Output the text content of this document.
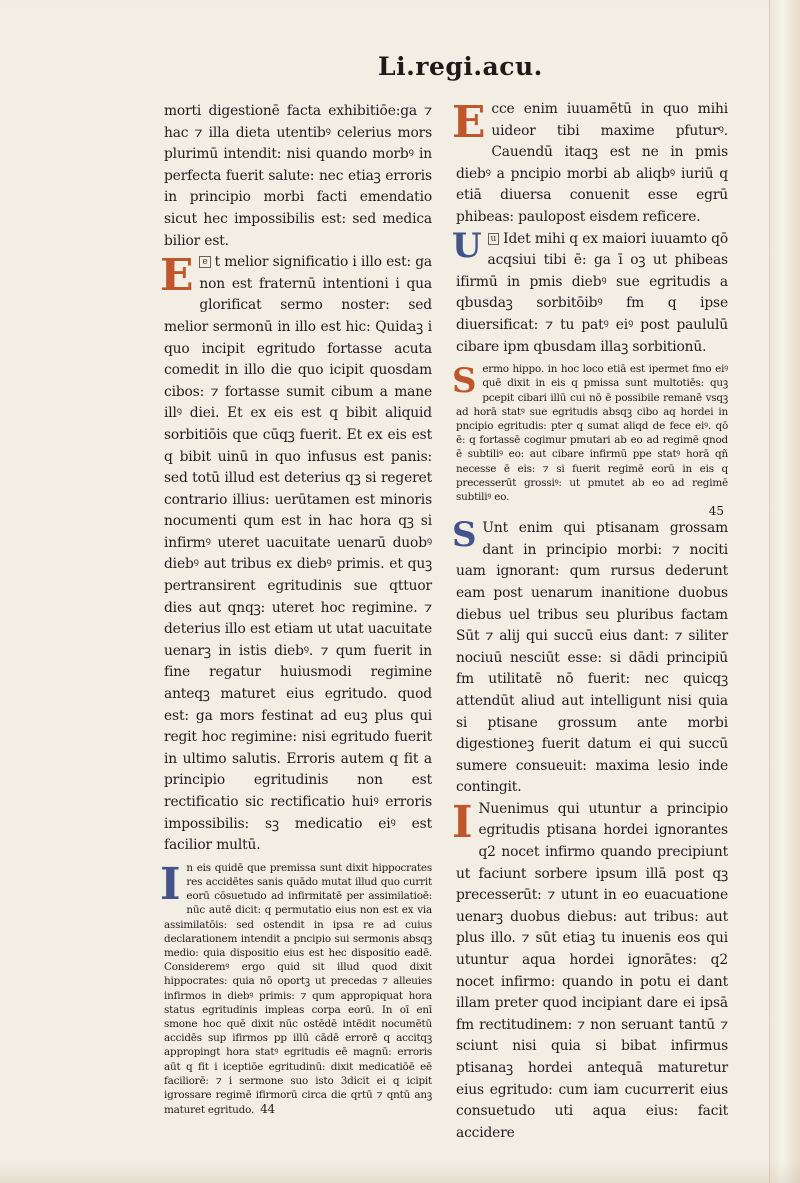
Li.regi.acu.

morti digestionē facta exhibitiōe:ga ⁊ hac ⁊ illa dieta utentibꝰ celerius mors plurimū intendit: nisi quando morbꝰ in perfecta fuerit salute: nec etiaꝫ erroris in principio morbi facti emendatio sicut hec impossibilis est: sed medica bilior est.

E $^e$ t melior significatio i illo est: ga non est fraternū intentioni i qua glorificat sermo noster: sed melior sermonū in illo est hic: Quidaꝫ i quo incipit egritudo fortasse acuta comedit in illo die quo icipit quosdam cibos: ⁊ fortasse sumit cibum a mane illꝰ diei. Et ex eis est q bibit aliquid sorbitiōis que cūqꝫ fuerit. Et ex eis est q bibit uinū in quo infusus est panis: sed totū illud est deterius qꝫ si regeret contrario illius: uerūtamen est minoris nocumenti qum est in hac hora qꝫ si infirmꝰ uteret uacuitate uenarū duobꝰ diebꝰ aut tribus ex diebꝰ primis. et quꝫ pertransirent egritudinis sue qttuor dies aut qnqꝫ: uteret hoc regimine. ⁊ deterius illo est etiam ut utat uacuitate uenarꝫ in istis diebꝰ. ⁊ qum fuerit in fine regatur huiusmodi regimine anteqꝫ maturet eius egritudo. quod est: ga mors festinat ad euꝫ plus qui regit hoc regimine: nisi egritudo fuerit in ultimo salutis. Erroris autem q fit a principio egritudinis non est rectificatio sic rectificatio huiꝰ erroris impossibilis: sꝫ medicatio eiꝰ est facilior multū.

In eis quidē que premissa sunt dixit hippocrates res accidētes sanis quādo mutat illud quo currit eorū cōsuetudo ad infirmitatē per assimilatioē: nūc autē dicit: q permutatio eius non est ex via assimilatōis: sed ostendit in ipsa re ad cuius declarationem intendit a pncipio sui sermonis absqꝫ medio: quia dispositio eius est hec dispositio eadē. Consideremꝰ ergo quid sit illud quod dixit hippocrates: quia nō oportꝫ ut precedas ⁊ alleuies infirmos in diebꝰ primis: ⁊ qum appropiquat hora status egritudinis impleas corpa eorū. In oī enī smone hoc quē dixit nūc ostēdē intēdit nocumētū accidēs sup ifirmos pp illū cādē errorē q accitqꝫ appropingt hora statꝰ egritudis eē magnū: erroris aūt q fit i iceptiōe egritudinū: dixit medicatiōē eē faciliorē: ⁊ i sermone suo isto 3dicit ei q icipit igrossare regimē ifirmorū circa die qrtū ⁊ qntū anꝫ maturet egritudo. 44

Ecce enim iuuamētū in quo mihi uideor tibi maxime pfuturꝰ. Cauendū itaqꝫ est ne in pmis diebꝰ a pncipio morbi ab aliqbꝰ iuriū q etiā diuersa conuenit esse egrū phibeas: paulopost eisdem reficere.

U $^u$ Idet mihi q ex maiori iuuamto qō acqsiui tibi ē: ga ī oꝫ ut phibeas ifirmū in pmis diebꝰ sue egritudis a qbusdaꝫ sorbitōibꝰ fm q ipse diuersificat: ⁊ tu patꝰ eiꝰ post paululū cibare ipm qbusdam illaꝫ sorbitionū.

Sermo hippo. in hoc loco etiā est ipermet fmo eiꝰ quē dixit in eis q pmissa sunt multotiēs: quꝫ pcepit cibari illū cui nō ē possibile remanē vsqꝫ ad horā statꝰ sue egritudis absqꝫ cibo aq hordei in pncipio egritudis: pter q sumat aliqd de fece eiꝰ. qō ē: q fortassē cogimur pmutari ab eo ad regimē qnod ē subtiliꝰ eo: aut cibare infirmū ppe statꝰ horā qñ necesse ē eis: ⁊ si fuerit regimē eorū in eis q precesserūt grossiꝰ: ut pmutet ab eo ad regimē subtiliꝰ eo.

45

S Unt enim qui ptisanam grossam dant in principio morbi: ⁊ nociti uam ignorant: qum rursus dederunt eam post uenarum inanitione duobus diebus uel tribus seu pluribus factam Sūt ⁊ alij qui succū eius dant: ⁊ siliter nociuū nesciūt esse: si dādi principiū fm utilitatē nō fuerit: nec quicqꝫ attendūt aliud aut intelligunt nisi quia si ptisane grossum ante morbi digestioneꝫ fuerit datum ei qui succū sumere consueuit: maxima lesio inde contingit.

I Nuenimus qui utuntur a principio egritudis ptisana hordei ignorantes q2 nocet infirmo quando precipiunt ut faciunt sorbere ipsum illā post qꝫ precesserūt: ⁊ utunt in eo euacuatione uenarꝫ duobus diebus: aut tribus: aut plus illo. ⁊ sūt etiaꝫ tu inuenis eos qui utuntur aqua hordei ignorātes: q2 nocet infirmo: quando in potu ei dant illam preter quod incipiant dare ei ipsā fm rectitudinem: ⁊ non seruant tantū ⁊ sciunt nisi quia si bibat infirmus ptisanaꝫ hordei antequā maturetur eius egritudo: cum iam cucurrerit eius consuetudo uti aqua eius: facit accidere
